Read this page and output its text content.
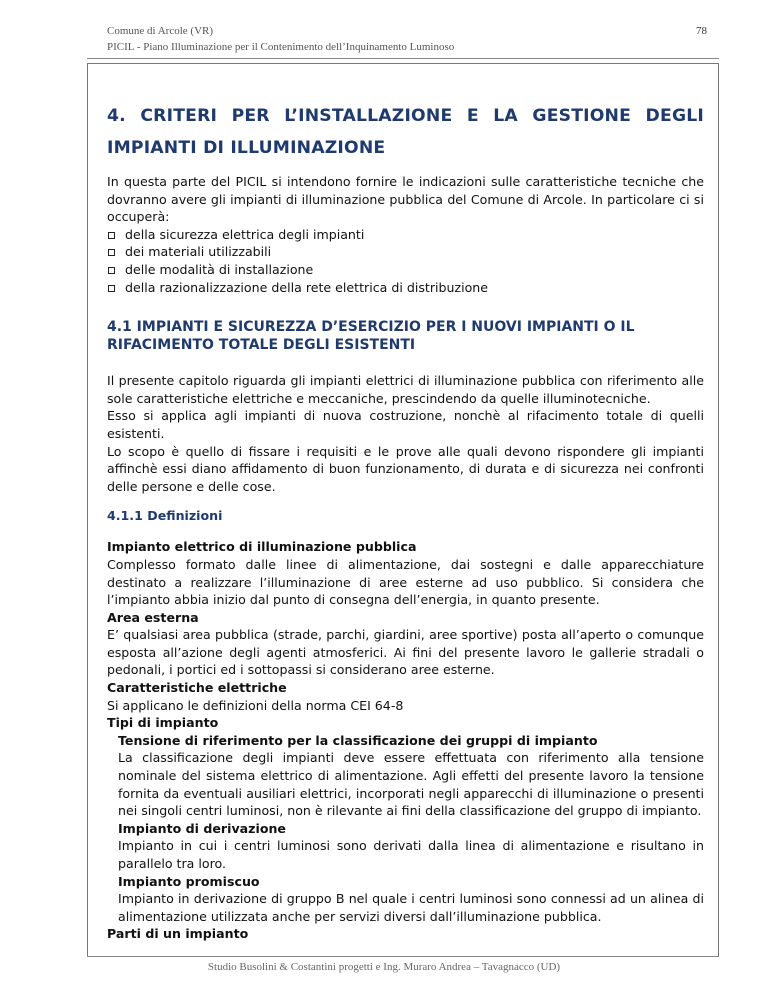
Comune di Arcole (VR)
PICIL - Piano Illuminazione per il Contenimento dell’Inquinamento Luminoso
78
4. CRITERI PER L’INSTALLAZIONE E LA GESTIONE DEGLI IMPIANTI DI ILLUMINAZIONE

In questa parte del PICIL si intendono fornire le indicazioni sulle caratteristiche tecniche che dovranno avere gli impianti di illuminazione pubblica del Comune di Arcole. In particolare ci si occuperà:

della sicurezza elettrica degli impianti
dei materiali utilizzabili
delle modalità di installazione
della razionalizzazione della rete elettrica di distribuzione
4.1 IMPIANTI E SICUREZZA D’ESERCIZIO PER I NUOVI IMPIANTI O IL RIFACIMENTO TOTALE DEGLI ESISTENTI

Il presente capitolo riguarda gli impianti elettrici di illuminazione pubblica con riferimento alle sole caratteristiche elettriche e meccaniche, prescindendo da quelle illuminotecniche.

Esso si applica agli impianti di nuova costruzione, nonchè al rifacimento totale di quelli esistenti.

Lo scopo è quello di fissare i requisiti e le prove alle quali devono rispondere gli impianti affinchè essi diano affidamento di buon funzionamento, di durata e di sicurezza nei confronti delle persone e delle cose.

4.1.1 Definizioni

Impianto elettrico di illuminazione pubblica

Complesso formato dalle linee di alimentazione, dai sostegni e dalle apparecchiature destinato a realizzare l’illuminazione di aree esterne ad uso pubblico. Si considera che l’impianto abbia inizio dal punto di consegna dell’energia, in quanto presente.

Area esterna

E’ qualsiasi area pubblica (strade, parchi, giardini, aree sportive) posta all’aperto o comunque esposta all’azione degli agenti atmosferici. Ai fini del presente lavoro le gallerie stradali o pedonali, i portici ed i sottopassi si considerano aree esterne.

Caratteristiche elettriche

Si applicano le definizioni della norma CEI 64-8

Tipi di impianto

Tensione di riferimento per la classificazione dei gruppi di impianto

La classificazione degli impianti deve essere effettuata con riferimento alla tensione nominale del sistema elettrico di alimentazione. Agli effetti del presente lavoro la tensione fornita da eventuali ausiliari elettrici, incorporati negli apparecchi di illuminazione o presenti nei singoli centri luminosi, non è rilevante ai fini della classificazione del gruppo di impianto.

Impianto di derivazione

Impianto in cui i centri luminosi sono derivati dalla linea di alimentazione e risultano in parallelo tra loro.

Impianto promiscuo

Impianto in derivazione di gruppo B nel quale i centri luminosi sono connessi ad un alinea di alimentazione utilizzata anche per servizi diversi dall’illuminazione pubblica.

Parti di un impianto

Studio Busolini & Costantini progetti e Ing. Muraro Andrea – Tavagnacco (UD)
